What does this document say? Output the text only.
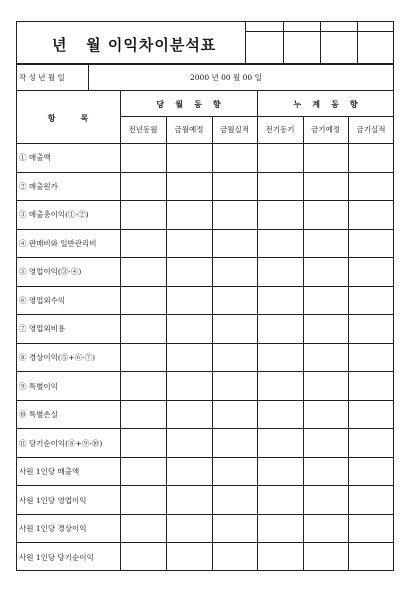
년   월 이익차이분석표
작 성 년 월 일	2000 년 00 월 00 일
항         목
당    월    동    향	누    계    동    향
전년동월	금월예정	금월실적	전기동기	금기예정	금기실적
① 매출액
② 매출원가
③ 매출총이익(①-②)
④ 판매비와 일반관리비
⑤ 영업이익(③-④)
⑥ 영업외수익
⑦ 영업외비용
⑧ 경상이익(⑤+⑥-⑦)
⑨ 특별이익
⑩ 특별손실
⑪ 당기순이익(⑧+⑨-⑩)
사원 1인당 매출액
사원 1인당 영업이익
사원 1인당 경상이익
사원 1인당 당기순이익
